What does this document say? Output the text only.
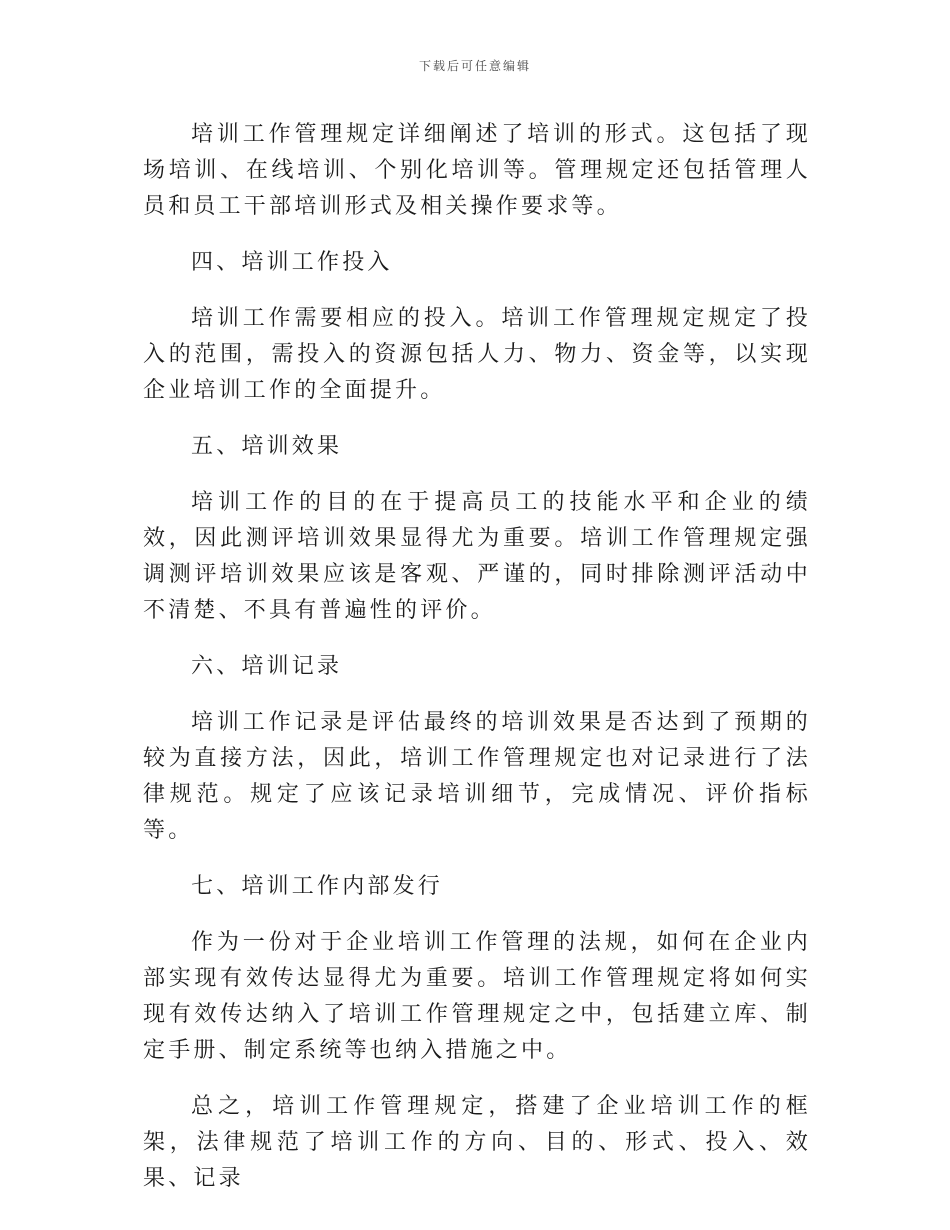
下载后可任意编辑

培训工作管理规定详细阐述了培训的形式。这包括了现场培训、在线培训、个别化培训等。管理规定还包括管理人员和员工干部培训形式及相关操作要求等。

四、培训工作投入

培训工作需要相应的投入。培训工作管理规定规定了投入的范围，需投入的资源包括人力、物力、资金等，以实现企业培训工作的全面提升。

五、培训效果

培训工作的目的在于提高员工的技能水平和企业的绩效，因此测评培训效果显得尤为重要。培训工作管理规定强调测评培训效果应该是客观、严谨的，同时排除测评活动中不清楚、不具有普遍性的评价。

六、培训记录

培训工作记录是评估最终的培训效果是否达到了预期的较为直接方法，因此，培训工作管理规定也对记录进行了法律规范。规定了应该记录培训细节，完成情况、评价指标等。

七、培训工作内部发行

作为一份对于企业培训工作管理的法规，如何在企业内部实现有效传达显得尤为重要。培训工作管理规定将如何实现有效传达纳入了培训工作管理规定之中，包括建立库、制定手册、制定系统等也纳入措施之中。

总之，培训工作管理规定，搭建了企业培训工作的框架，法律规范了培训工作的方向、目的、形式、投入、效果、记录
